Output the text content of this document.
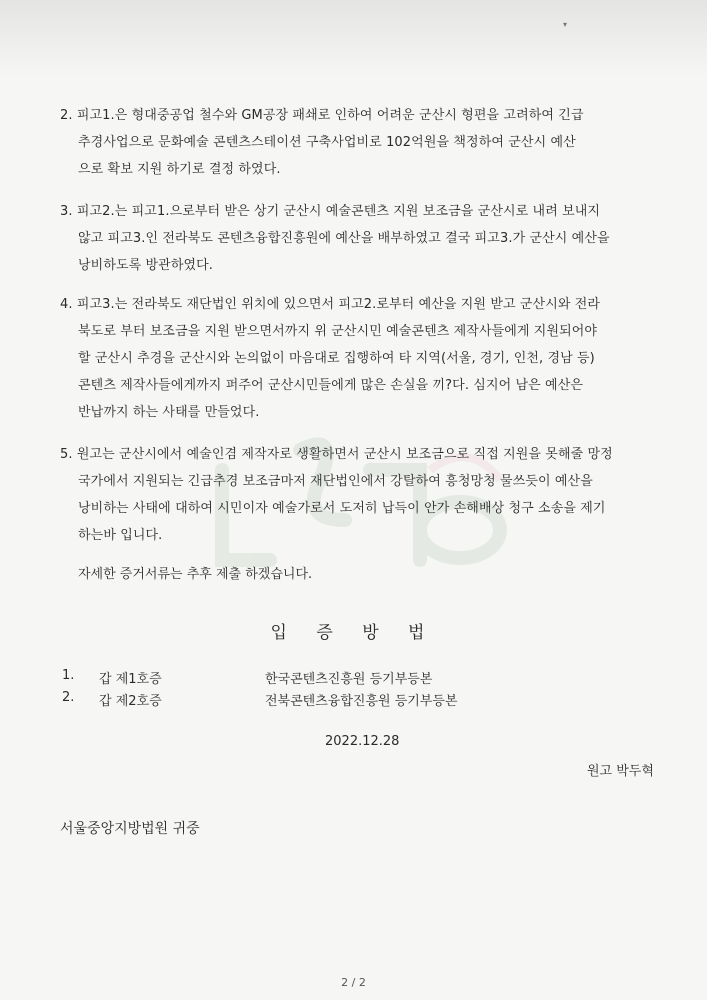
▾
2. 피고1.은 형대중공업 철수와 GM공장 패쇄로 인하여 어려운 군산시 형편을 고려하여 긴급
추경사업으로 문화예술 콘텐츠스테이션 구축사업비로 102억원을 책정하여 군산시 예산
으로 확보 지원 하기로 결정 하였다.
3. 피고2.는 피고1.으로부터 받은 상기 군산시 예술콘텐츠 지원 보조금을 군산시로 내려 보내지
않고 피고3.인 전라북도 콘텐츠융합진흥원에 예산을 배부하였고 결국 피고3.가 군산시 예산을
낭비하도록 방관하였다.
4. 피고3.는 전라북도 재단법인 위치에 있으면서 피고2.로부터 예산을 지원 받고 군산시와 전라
북도로 부터 보조금을 지원 받으면서까지 위 군산시민 예술콘텐츠 제작사들에게 지원되어야
할 군산시 추경을 군산시와 논의없이 마음대로 집행하여 타 지역(서울, 경기, 인천, 경남 등)
콘텐츠 제작사들에게까지 퍼주어 군산시민들에게 많은 손실을 끼?다. 심지어 남은 예산은
반납까지 하는 사태를 만들었다.
5. 원고는 군산시에서 예술인겸 제작자로 생활하면서 군산시 보조금으로 직접 지원을 못해줄 망정
국가에서 지원되는 긴급추경 보조금마저 재단법인에서 강탈하여 흥청망청 물쓰듯이 예산을
낭비하는 사태에 대하여 시민이자 예술가로서 도저히 납득이 안가 손해배상 청구 소송을 제기
하는바 입니다.
자세한 증거서류는 추후 제출 하겠습니다.
입 증 방 법
1. 갑 제1호증	한국콘텐츠진흥원 등기부등본
2. 갑 제2호증	전북콘텐츠융합진흥원 등기부등본
2022.12.28
원고 박두혁
서울중앙지방법원 귀중
2 / 2
